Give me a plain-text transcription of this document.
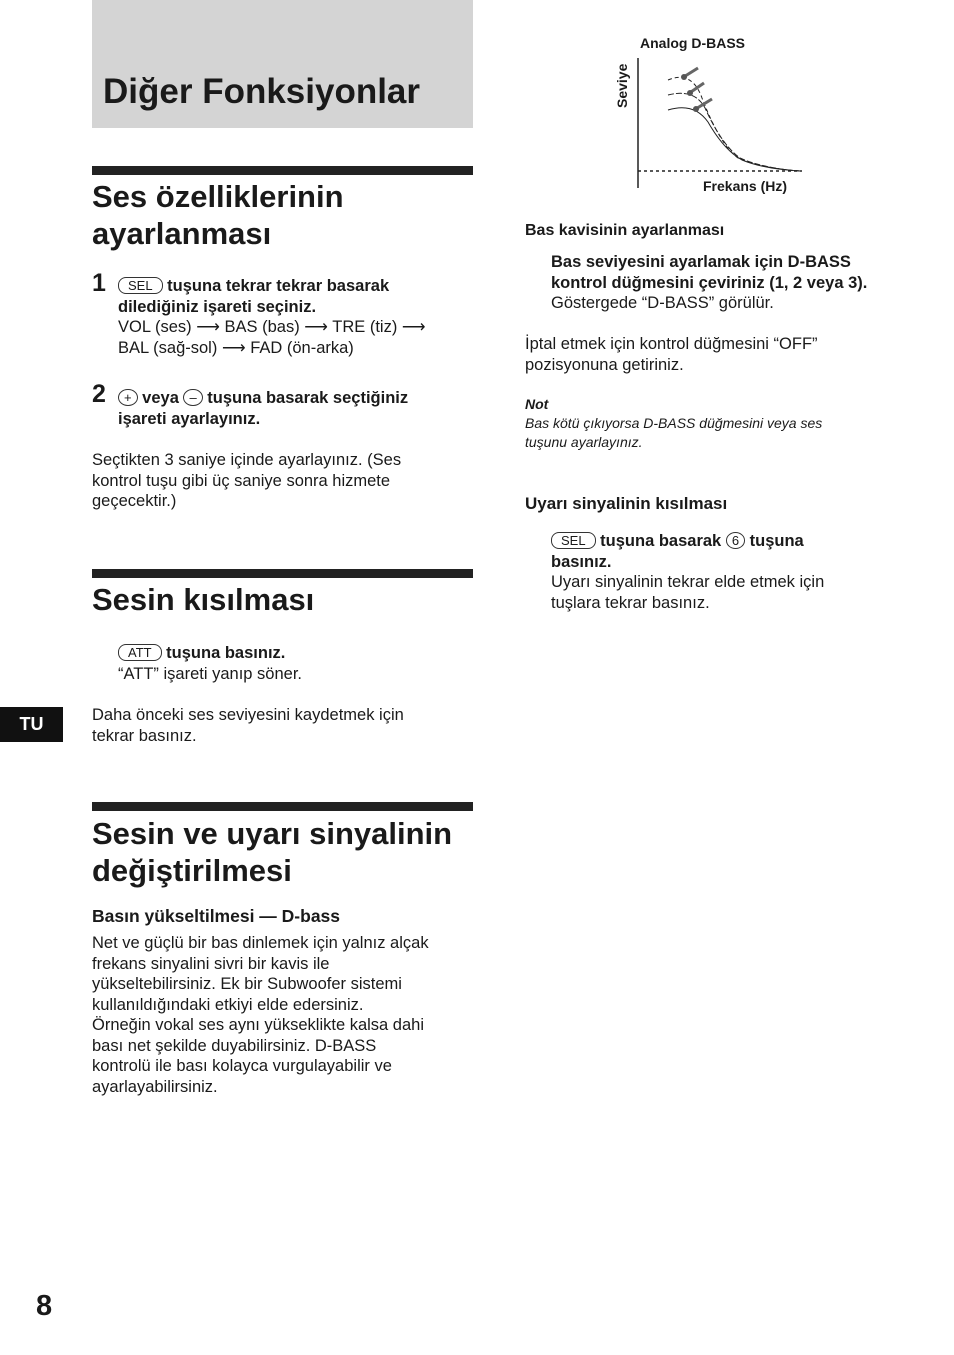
Diğer Fonksiyonlar
Ses özelliklerinin
ayarlanması
1	SEL tuşuna tekrar tekrar basarak
dilediğiniz işareti seçiniz.
VOL (ses) ⟶ BAS (bas) ⟶ TRE (tiz) ⟶
BAL (sağ-sol) ⟶ FAD (ön-arka)
2	+ veya – tuşuna basarak seçtiğiniz
işareti ayarlayınız.
Seçtikten 3 saniye içinde ayarlayınız. (Ses
kontrol tuşu gibi üç saniye sonra hizmete
geçecektir.)
Sesin kısılması
ATT tuşuna basınız.
“ATT” işareti yanıp söner.
Daha önceki ses seviyesini kaydetmek için
tekrar basınız.
Sesin ve uyarı sinyalinin
değiştirilmesi
Basın yükseltilmesi — D-bass
Net ve güçlü bir bas dinlemek için yalnız alçak
frekans sinyalini sivri bir kavis ile
yükseltebilirsiniz. Ek bir Subwoofer sistemi
kullanıldığındaki etkiyi elde edersiniz.
Örneğin vokal ses aynı yükseklikte kalsa dahi
bası net şekilde duyabilirsiniz. D-BASS
kontrolü ile bası kolayca vurgulayabilir ve
ayarlayabilirsiniz.
Analog D-BASS
Seviye
Frekans (Hz)
Bas kavisinin ayarlanması
Bas seviyesini ayarlamak için D-BASS
kontrol düğmesini çeviriniz (1, 2 veya 3).
Göstergede “D-BASS” görülür.
İptal etmek için kontrol düğmesini “OFF”
pozisyonuna getiriniz.
Not
Bas kötü çıkıyorsa D-BASS düğmesini veya ses
tuşunu ayarlayınız.
Uyarı sinyalinin kısılması
SEL tuşuna basarak 6 tuşuna
basınız.
Uyarı sinyalinin tekrar elde etmek için
tuşlara tekrar basınız.
TU
8
